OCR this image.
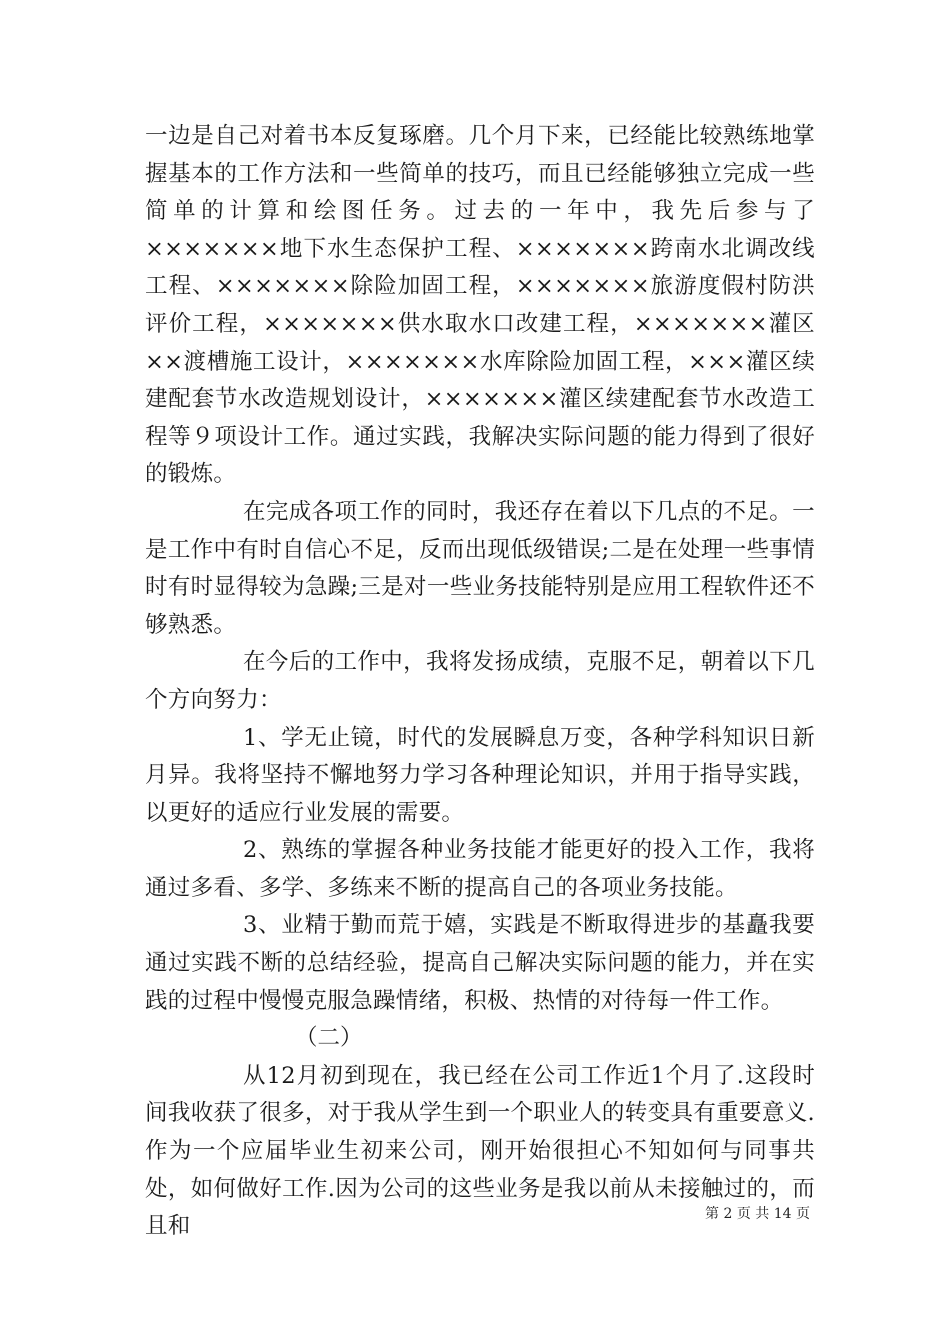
一边是自己对着书本反复琢磨。几个月下来，已经能比较熟练地掌握基本的工作方法和一些简单的技巧，而且已经能够独立完成一些简单的计算和绘图任务。过去的一年中，我先后参与了×××××××地下水生态保护工程、×××××××跨南水北调改线工程、×××××××除险加固工程，×××××××旅游度假村防洪评价工程，×××××××供水取水口改建工程，×××××××灌区××渡槽施工设计，×××××××水库除险加固工程，×××灌区续建配套节水改造规划设计，×××××××灌区续建配套节水改造工程等９项设计工作。通过实践，我解决实际问题的能力得到了很好的锻炼。

在完成各项工作的同时，我还存在着以下几点的不足。一是工作中有时自信心不足，反而出现低级错误;二是在处理一些事情时有时显得较为急躁;三是对一些业务技能特别是应用工程软件还不够熟悉。

在今后的工作中，我将发扬成绩，克服不足，朝着以下几个方向努力：

1、学无止镜，时代的发展瞬息万变，各种学科知识日新月异。我将坚持不懈地努力学习各种理论知识，并用于指导实践，以更好的适应行业发展的需要。

2、熟练的掌握各种业务技能才能更好的投入工作，我将通过多看、多学、多练来不断的提高自己的各项业务技能。

3、业精于勤而荒于嬉，实践是不断取得进步的基矗我要通过实践不断的总结经验，提高自己解决实际问题的能力，并在实践的过程中慢慢克服急躁情绪，积极、热情的对待每一件工作。

（二）

从12月初到现在，我已经在公司工作近1个月了.这段时间我收获了很多，对于我从学生到一个职业人的转变具有重要意义.作为一个应届毕业生初来公司，刚开始很担心不知如何与同事共处，如何做好工作.因为公司的这些业务是我以前从未接触过的，而且和	第 2 页 共 14 页
